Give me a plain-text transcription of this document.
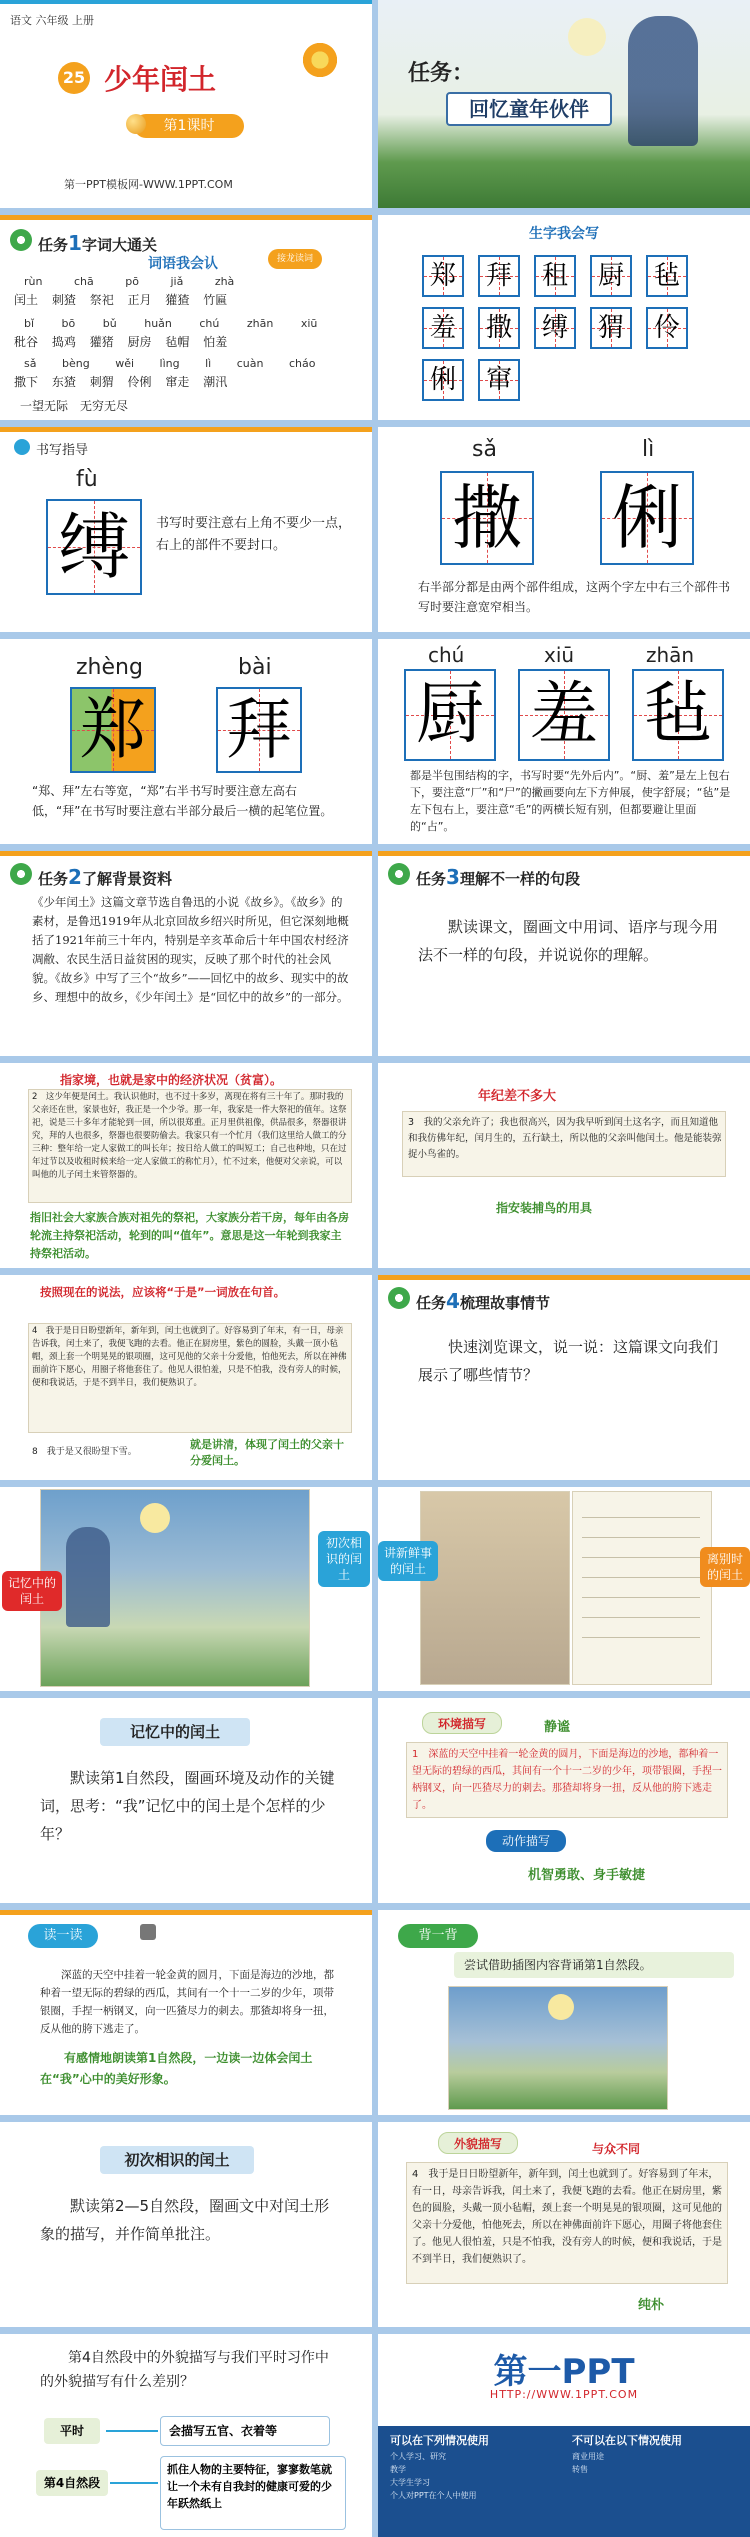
语文 六年级 上册
25 少年闰土
第1课时
第一PPT模板网-WWW.1PPT.COM
任务：
回忆童年伙伴
任务1字词大通关
词语我会认	接龙读词
rùn	chā	pō	jiǎ	zhà
闰土 刺猹 祭祀 正月 獾猹 竹匾
bǐ	bō bǔ	huǎn	chú	zhān	xiū
秕谷 捣鸡 獾猪 厨房 毡帽 怕羞
sǎ bèng wěi lìng lì cuàn cháo
撒下 东猹 刺猬 伶俐 窜走 潮汛
一望无际　无穷无尽
生字我会写
郑 拜 租 厨 毡
羞 撒 缚 猬 伶
俐 窜
书写指导
fù
缚	书写时要注意右上角不要少一点，右上的部件不要封口。
sǎ	lì
撒 俐
右半部分都是由两个部件组成，这两个字左中右三个部件书写时要注意宽窄相当。
zhèng	bài
郑 拜
“郑、拜”左右等宽，“郑”右半书写时要注意左高右低，“拜”在书写时要注意右半部分最后一横的起笔位置。
chú	xiū	zhān
厨 羞 毡
都是半包围结构的字，书写时要“先外后内”。“厨、羞”是左上包右下，要注意“厂”和“尸”的撇画要向左下方伸展，使字舒展；“毡”是左下包右上，要注意“毛”的两横长短有别，但都要避让里面的“占”。
任务2了解背景资料
《少年闰土》这篇文章节选自鲁迅的小说《故乡》。《故乡》的素材，是鲁迅1919年从北京回故乡绍兴时所见，但它深刻地概括了1921年前三十年内，特别是辛亥革命后十年中国农村经济凋敝、农民生活日益贫困的现实，反映了那个时代的社会风貌。《故乡》中写了三个“故乡”——回忆中的故乡、现实中的故乡、理想中的故乡，《少年闰土》是“回忆中的故乡”的一部分。
任务3理解不一样的句段
默读课文，圈画文中用词、语序与现今用法不一样的句段，并说说你的理解。
指家境，也就是家中的经济状况（贫富）。
2　这少年便是闰土。我认识他时，也不过十多岁，离现在将有三十年了。那时我的父亲还在世，家景也好，我正是一个少爷。那一年，我家是一件大祭祀的值年。这祭祀，说是三十多年才能轮到一回，所以很郑重。正月里供祖像，供品很多，祭器很讲究，拜的人也很多，祭器也很要防偷去。我家只有一个忙月（我们这里给人做工的分三种：整年给一定人家做工的叫长年；按日给人做工的叫短工；自己也种地，只在过年过节以及收租时候来给一定人家做工的称忙月），忙不过来，他便对父亲说，可以叫他的儿子闰土来管祭器的。
指旧社会大家族合族对祖先的祭祀，大家族分若干房，每年由各房轮流主持祭祀活动，轮到的叫“值年”。意思是这一年轮到我家主持祭祀活动。
年纪差不多大
3　我的父亲允许了；我也很高兴，因为我早听到闰土这名字，而且知道他和我仿佛年纪，闰月生的，五行缺土，所以他的父亲叫他闰土。他是能装弶捉小鸟雀的。
指安装捕鸟的用具
按照现在的说法，应该将“于是”一词放在句首。
4　我于是日日盼望新年，新年到，闰土也就到了。好容易到了年末，有一日，母亲告诉我，闰土来了，我便飞跑的去看。他正在厨房里，紫色的圆脸，头戴一顶小毡帽，颈上套一个明晃晃的银项圈，这可见他的父亲十分爱他，怕他死去，所以在神佛面前许下愿心，用圈子将他套住了。他见人很怕羞，只是不怕我，没有旁人的时候，便和我说话，于是不到半日，我们便熟识了。
就是讲清，体现了闰土的父亲十分爱闰土。
8　我于是又很盼望下雪。
任务4梳理故事情节
快速浏览课文，说一说：这篇课文向我们展示了哪些情节？
记忆中的闰土
初次相识的闰土
讲新鲜事的闰土
离别时的闰土
记忆中的闰土
默读第1自然段，圈画环境及动作的关键词，思考：“我”记忆中的闰土是个怎样的少年？
环境描写	静谧
1　深蓝的天空中挂着一轮金黄的圆月，下面是海边的沙地，都种着一望无际的碧绿的西瓜，其间有一个十一二岁的少年，项带银圈，手捏一柄钢叉，向一匹猹尽力的刺去。那猹却将身一扭，反从他的胯下逃走了。
动作描写
机智勇敢、身手敏捷
读一读
深蓝的天空中挂着一轮金黄的圆月，下面是海边的沙地，都种着一望无际的碧绿的西瓜，其间有一个十一二岁的少年，项带银圈，手捏一柄钢叉，向一匹猹尽力的刺去。那猹却将身一扭，反从他的胯下逃走了。
有感情地朗读第1自然段，一边读一边体会闰土在“我”心中的美好形象。
背一背
尝试借助插图内容背诵第1自然段。
初次相识的闰土
默读第2—5自然段，圈画文中对闰土形象的描写，并作简单批注。
外貌描写	与众不同
4　我于是日日盼望新年，新年到，闰土也就到了。好容易到了年末，有一日，母亲告诉我，闰土来了，我便飞跑的去看。他正在厨房里，紫色的圆脸，头戴一顶小毡帽，颈上套一个明晃晃的银项圈，这可见他的父亲十分爱他，怕他死去，所以在神佛面前许下愿心，用圈子将他套住了。他见人很怕羞，只是不怕我，没有旁人的时候，便和我说话，于是不到半日，我们便熟识了。
纯朴
第4自然段中的外貌描写与我们平时习作中的外貌描写有什么差别？
平时	会描写五官、衣着等
第4自然段
抓住人物的主要特征，寥寥数笔就让一个未有自我封的健康可爱的少年跃然纸上
第一PPT
HTTP://WWW.1PPT.COM
可以在下列情况使用	不可以在以下情况使用
个人学习、研究
教学
大学生学习
个人对PPT在个人中使用
商业用途
转售
